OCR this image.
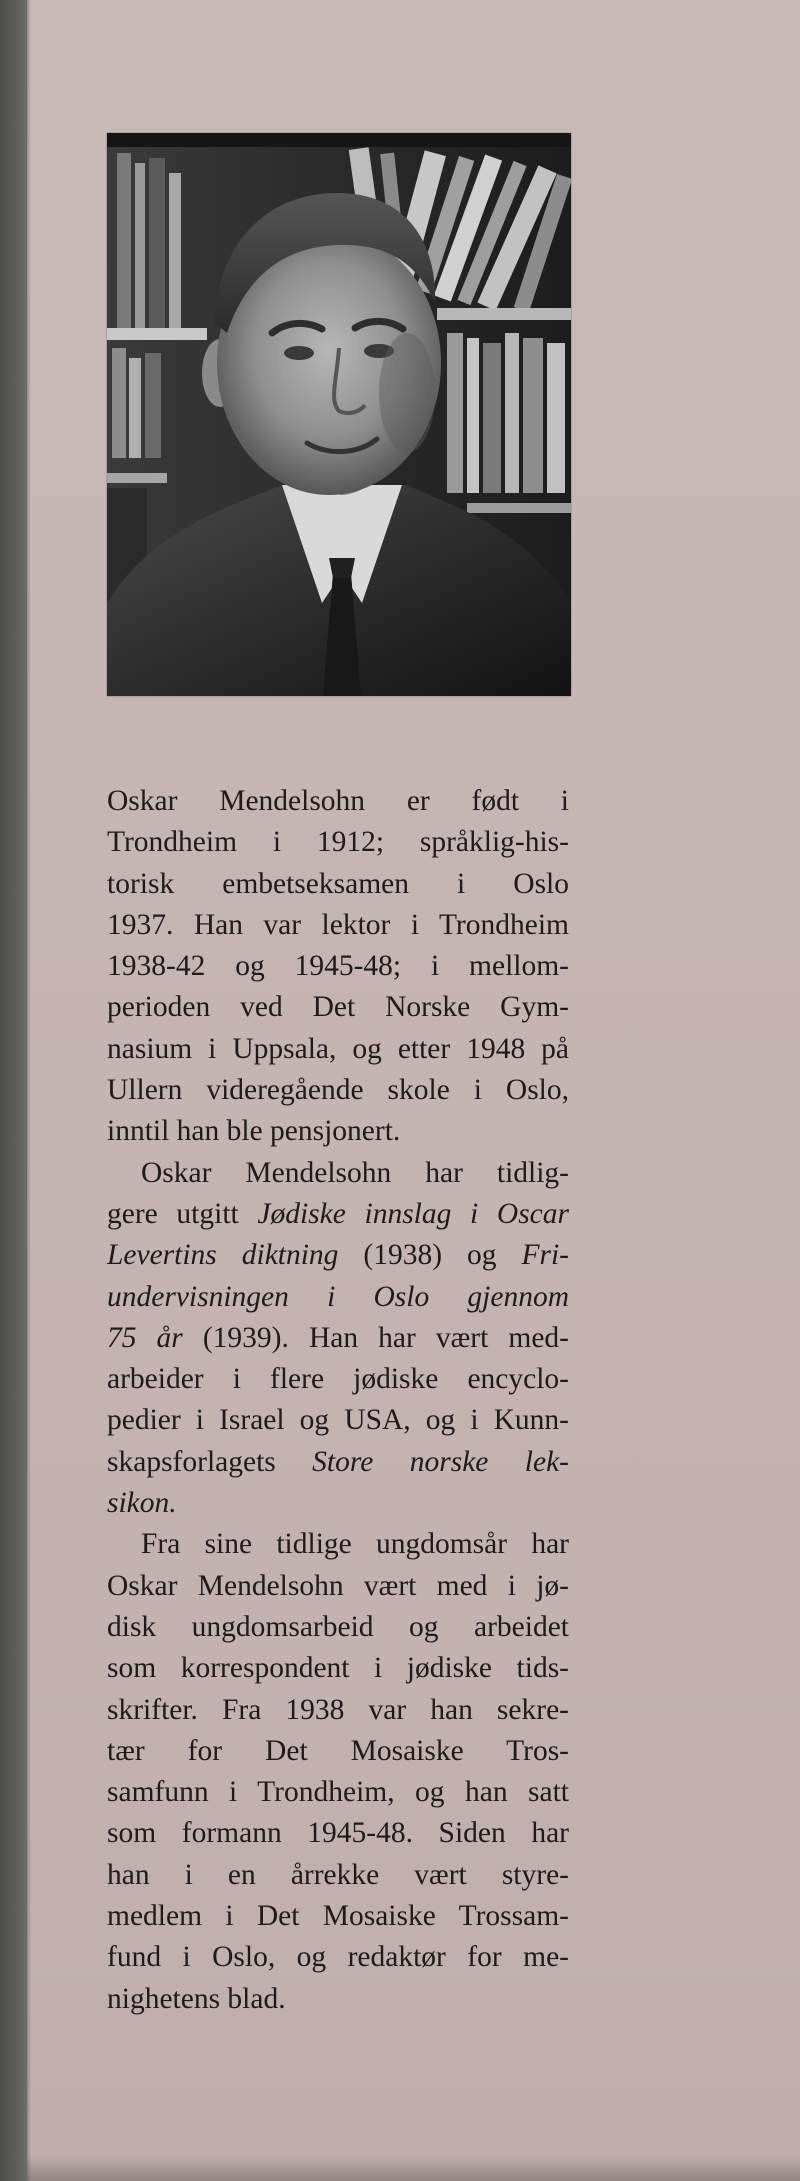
Oskar Mendelsohn er født i
Trondheim i 1912; språklig-his-
torisk embetseksamen i Oslo
1937. Han var lektor i Trondheim
1938-42 og 1945-48; i mellom-
perioden ved Det Norske Gym-
nasium i Uppsala, og etter 1948 på
Ullern videregående skole i Oslo,
inntil han ble pensjonert.

Oskar Mendelsohn har tidlig-
gere utgitt Jødiske innslag i Oscar
Levertins diktning (1938) og Fri-
undervisningen i Oslo gjennom
75 år (1939). Han har vært med-
arbeider i flere jødiske encyclo-
pedier i Israel og USA, og i Kunn-
skapsforlagets Store norske lek-
sikon.

Fra sine tidlige ungdomsår har
Oskar Mendelsohn vært med i jø-
disk ungdomsarbeid og arbeidet
som korrespondent i jødiske tids-
skrifter. Fra 1938 var han sekre-
tær for Det Mosaiske Tros-
samfunn i Trondheim, og han satt
som formann 1945-48. Siden har
han i en årrekke vært styre-
medlem i Det Mosaiske Trossam-
fund i Oslo, og redaktør for me-
nighetens blad.
